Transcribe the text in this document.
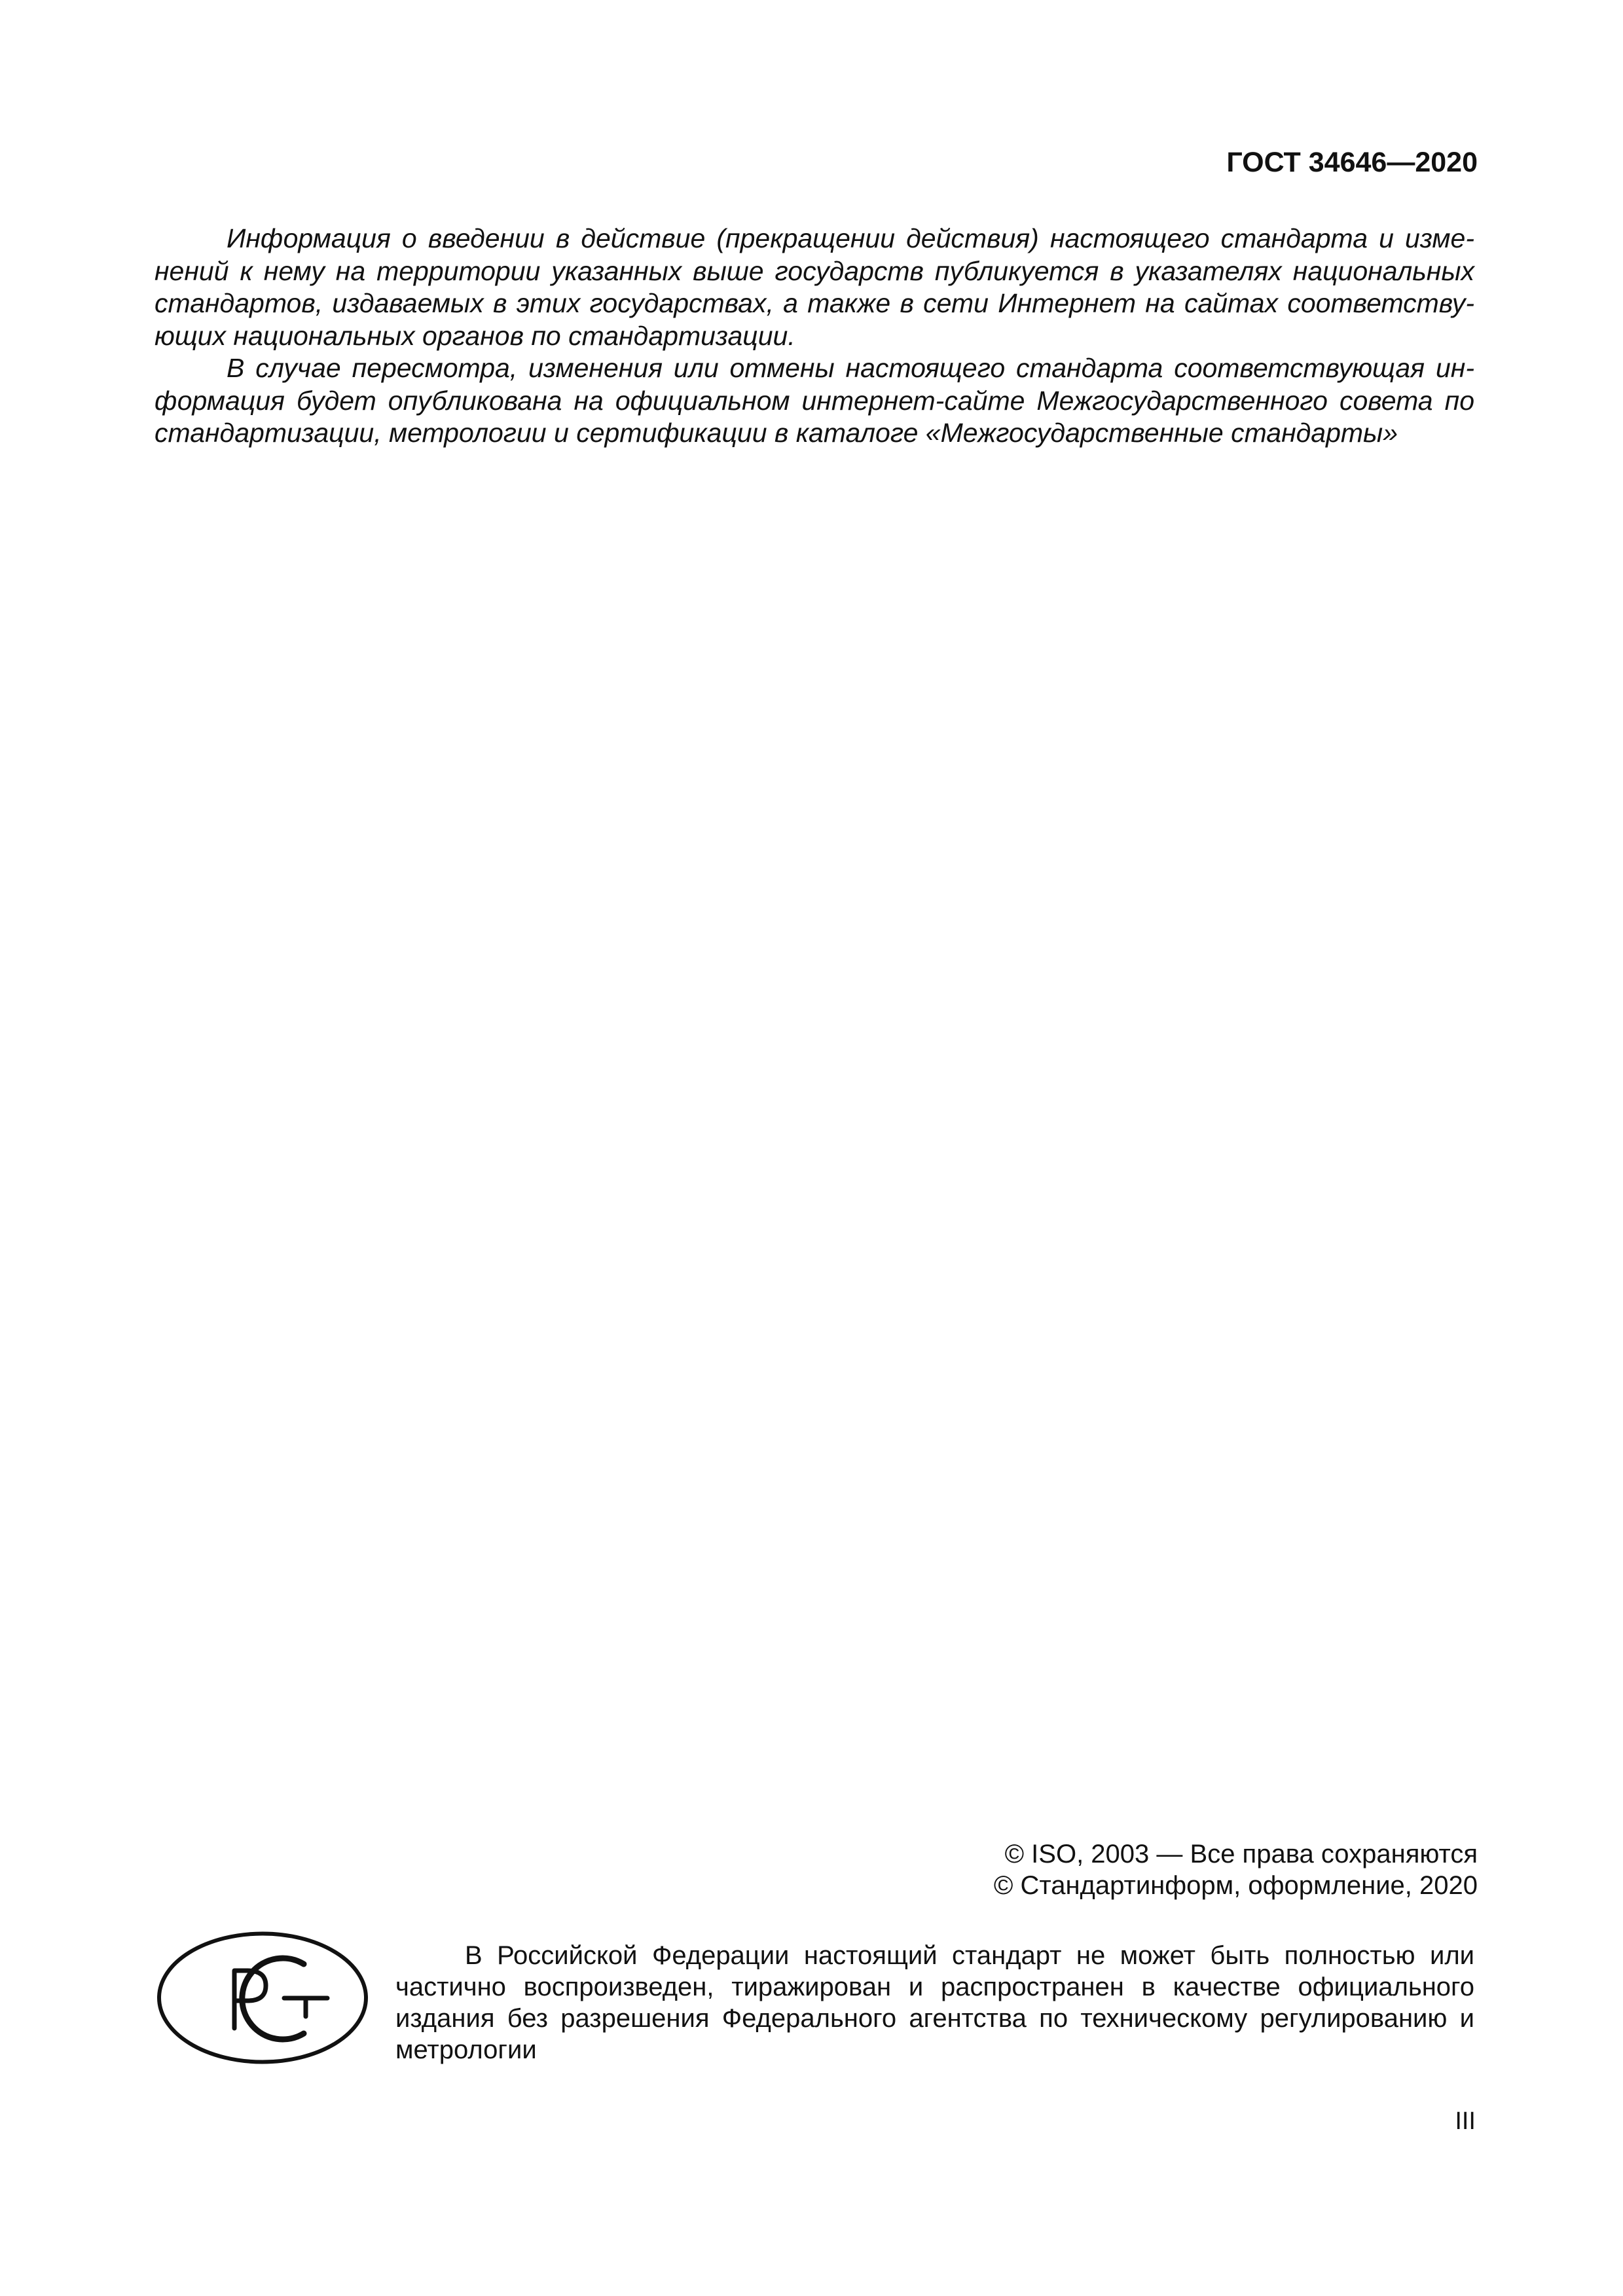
ГОСТ 34646—2020

Информация о введении в действие (прекращении действия) настоящего стандарта и изменений к нему на территории указанных выше государств публикуется в указателях национальных стандартов, издаваемых в этих государствах, а также в сети Интернет на сайтах соответствующих национальных органов по стандартизации.

В случае пересмотра, изменения или отмены настоящего стандарта соответствующая информация будет опубликована на официальном интернет-сайте Межгосударственного совета по стандартизации, метрологии и сертификации в каталоге «Межгосударственные стандарты»

© ISO, 2003 — Все права сохраняются
© Стандартинформ, оформление, 2020

В Российской Федерации настоящий стандарт не может быть полностью или частично воспроизведен, тиражирован и распространен в качестве официального издания без разрешения Федерального агентства по техническому регулированию и метрологии

III
